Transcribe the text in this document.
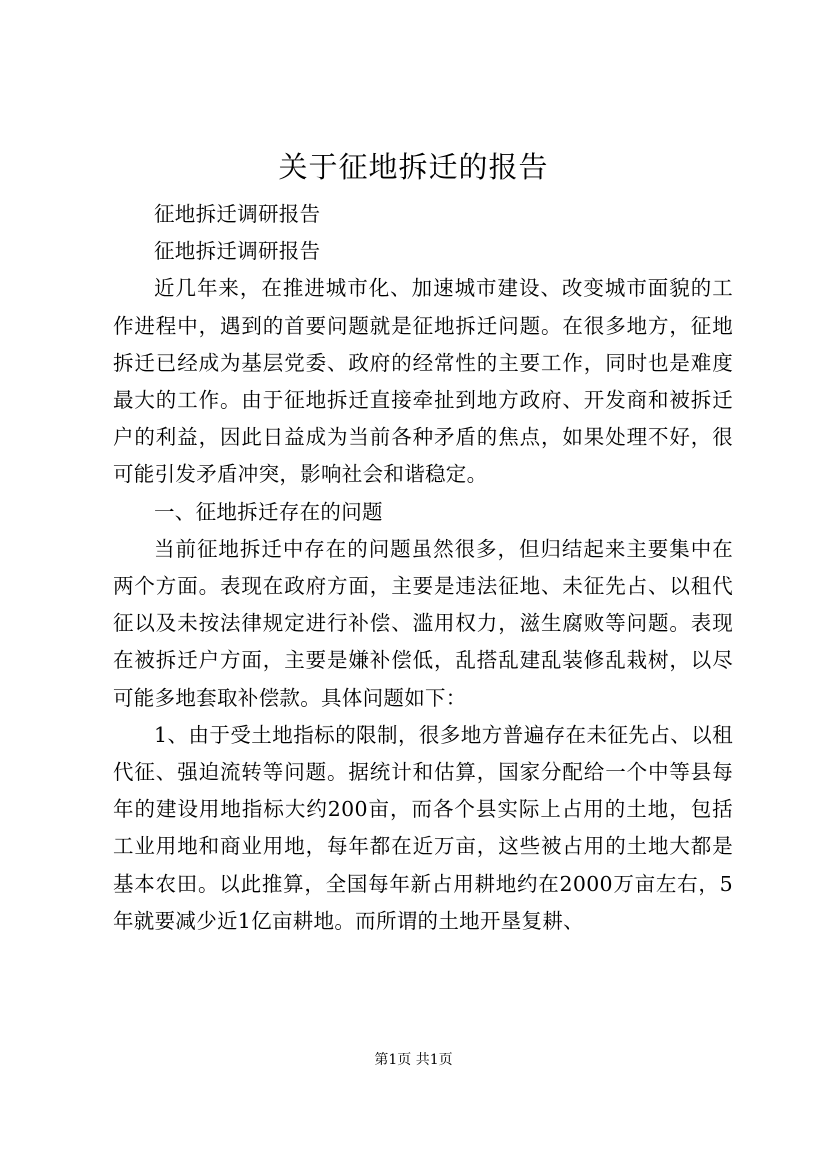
关于征地拆迁的报告

征地拆迁调研报告

征地拆迁调研报告

近几年来，在推进城市化、加速城市建设、改变城市面貌的工作进程中，遇到的首要问题就是征地拆迁问题。在很多地方，征地拆迁已经成为基层党委、政府的经常性的主要工作，同时也是难度最大的工作。由于征地拆迁直接牵扯到地方政府、开发商和被拆迁户的利益，因此日益成为当前各种矛盾的焦点，如果处理不好，很可能引发矛盾冲突，影响社会和谐稳定。

一、征地拆迁存在的问题

当前征地拆迁中存在的问题虽然很多，但归结起来主要集中在两个方面。表现在政府方面，主要是违法征地、未征先占、以租代征以及未按法律规定进行补偿、滥用权力，滋生腐败等问题。表现在被拆迁户方面，主要是嫌补偿低，乱搭乱建乱装修乱栽树，以尽可能多地套取补偿款。具体问题如下：

1、由于受土地指标的限制，很多地方普遍存在未征先占、以租代征、强迫流转等问题。据统计和估算，国家分配给一个中等县每年的建设用地指标大约200亩，而各个县实际上占用的土地，包括工业用地和商业用地，每年都在近万亩，这些被占用的土地大都是基本农田。以此推算，全国每年新占用耕地约在2000万亩左右，5年就要减少近1亿亩耕地。而所谓的土地开垦复耕、

第1页 共1页
